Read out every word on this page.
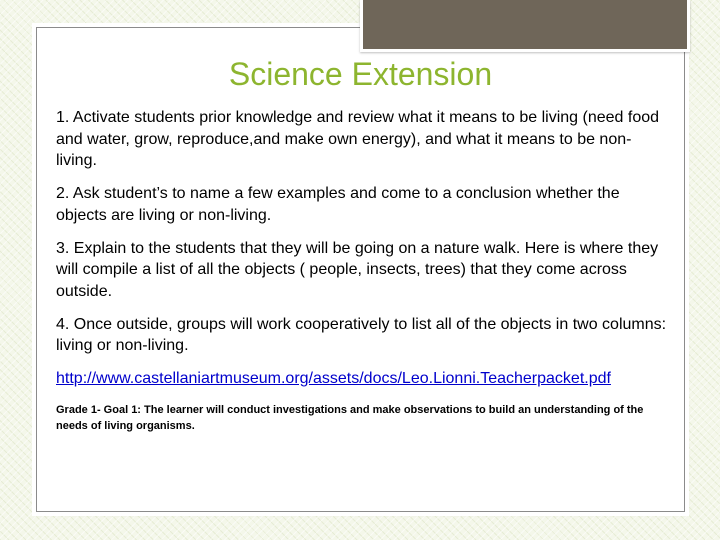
Science Extension

1. Activate students prior knowledge and review what it means to be living (need food and water, grow, reproduce,and make own energy), and what it means to be non-living.

2. Ask student’s to name a few examples and come to a conclusion whether the objects are living or non-living.

3. Explain to the students that they will be going on a nature walk. Here is where they will compile a list of all the objects ( people, insects, trees) that they come across outside.

4. Once outside, groups will work cooperatively to list all of the objects in two columns: living or non-living.

http://www.castellaniartmuseum.org/assets/docs/Leo.Lionni.Teacherpacket.pdf
Grade 1- Goal 1: The learner will conduct investigations and make observations to build an understanding of the needs of living organisms.
